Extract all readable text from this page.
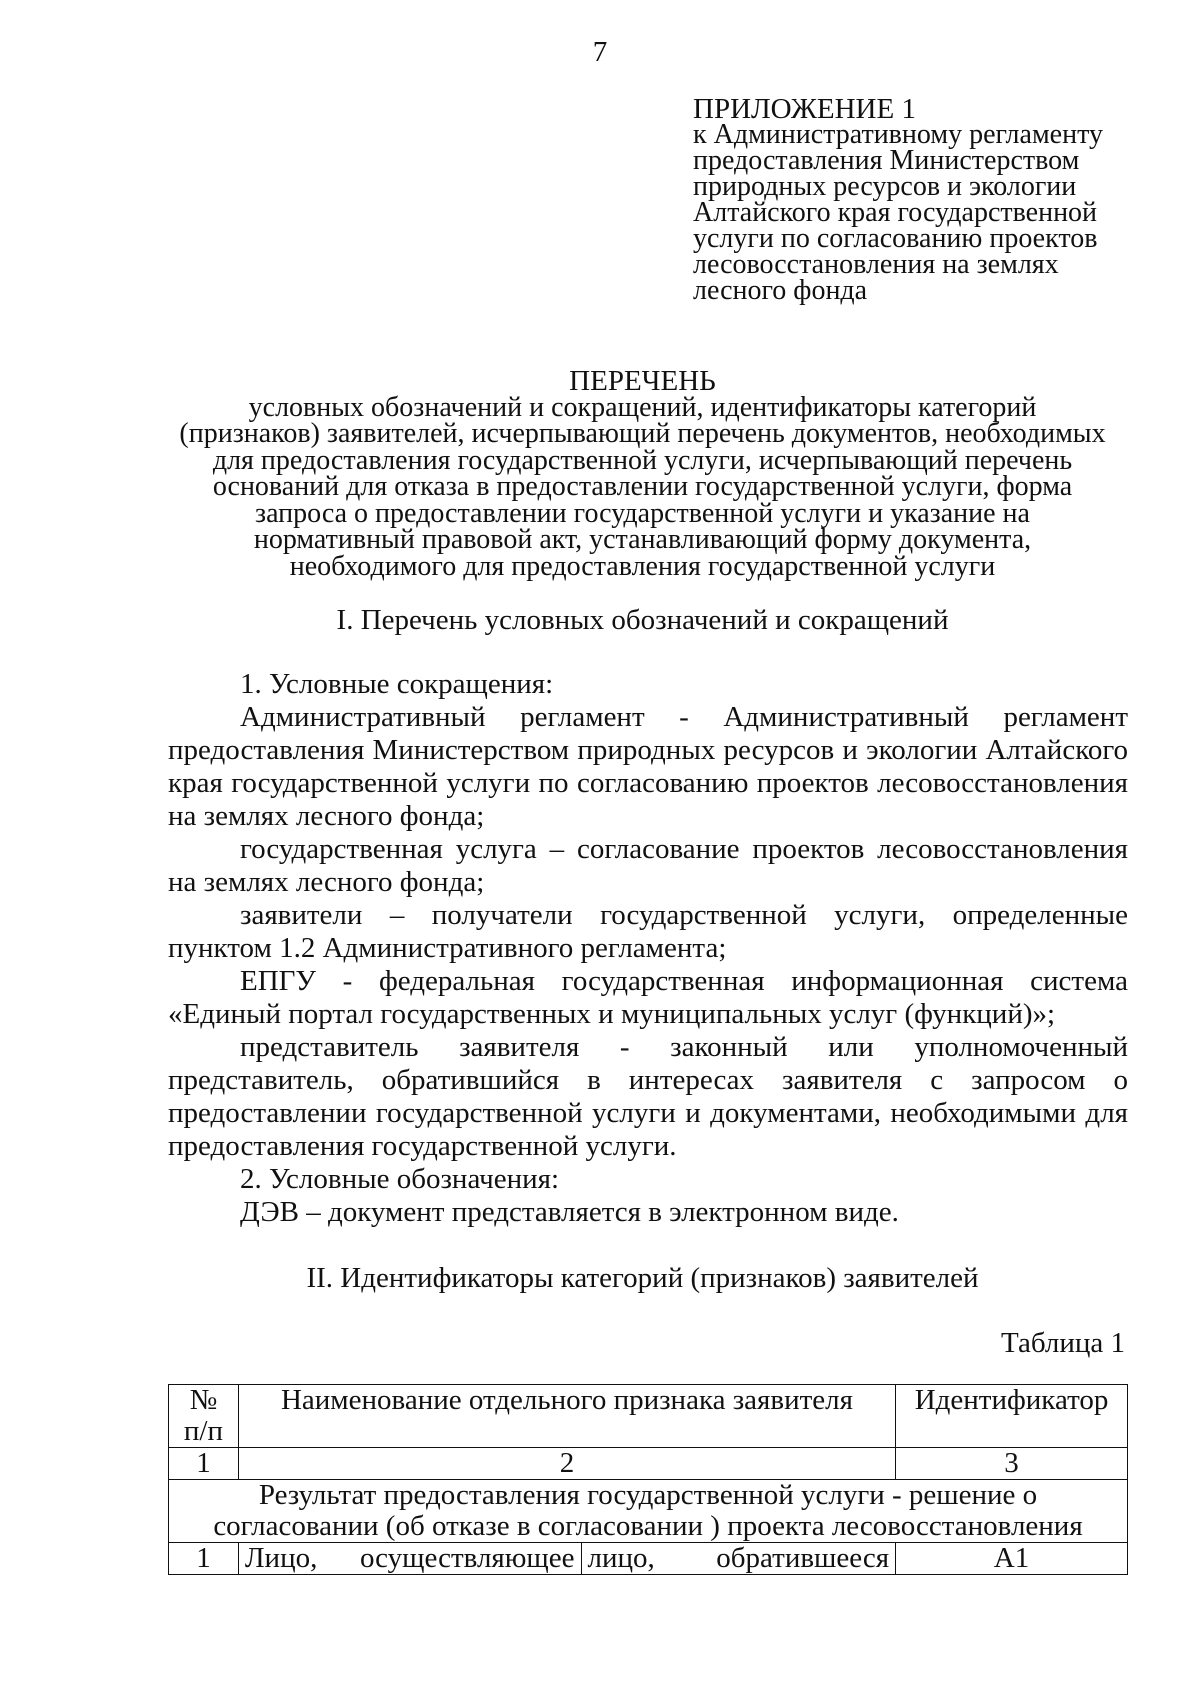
7
ПРИЛОЖЕНИЕ 1
к Административному регламенту
предоставления Министерством
природных ресурсов и экологии
Алтайского края государственной
услуги по согласованию проектов
лесовосстановления на землях
лесного фонда
ПЕРЕЧЕНЬ
условных обозначений и сокращений, идентификаторы категорий
(признаков) заявителей, исчерпывающий перечень документов, необходимых
для предоставления государственной услуги, исчерпывающий перечень
оснований для отказа в предоставлении государственной услуги, форма
запроса о предоставлении государственной услуги и указание на
нормативный правовой акт, устанавливающий форму документа,
необходимого для предоставления государственной услуги
I. Перечень условных обозначений и сокращений

1. Условные сокращения:

Административный регламент - Административный регламент предоставления Министерством природных ресурсов и экологии Алтайского края государственной услуги по согласованию проектов лесовосстановления на землях лесного фонда;

государственная услуга – согласование проектов лесовосстановления на землях лесного фонда;

заявители – получатели государственной услуги, определенные пунктом 1.2 Административного регламента;

ЕПГУ - федеральная государственная информационная система «Единый портал государственных и муниципальных услуг (функций)»;

представитель заявителя - законный или уполномоченный представитель, обратившийся в интересах заявителя с запросом о предоставлении государственной услуги и документами, необходимыми для предоставления государственной услуги.

2. Условные обозначения:

ДЭВ – документ представляется в электронном виде.

II. Идентификаторы категорий (признаков) заявителей
Таблица 1
№ п/п	Наименование отдельного признака заявителя		Идентификатор
1	2		3
Результат предоставления государственной услуги - решение о согласовании (об отказе в согласовании ) проекта лесовосстановления			
1	Лицо, осуществляющее	лицо, обратившееся	А1
